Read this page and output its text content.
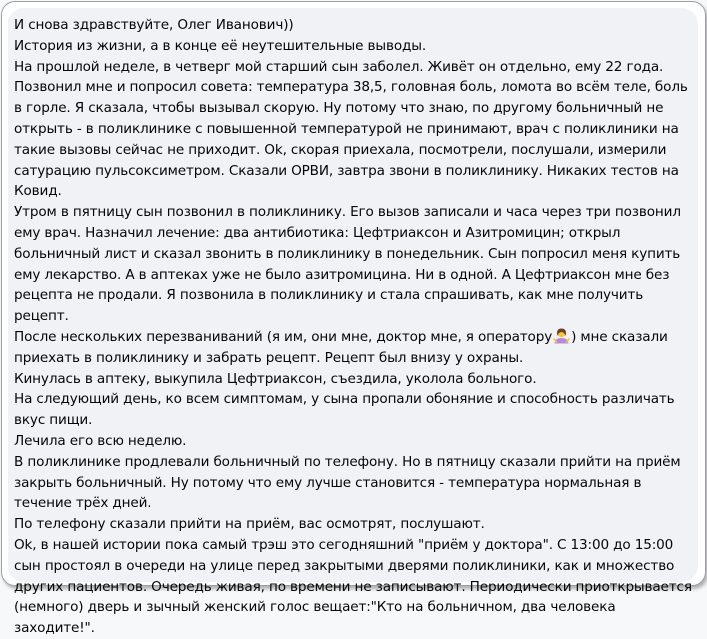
И снова здравствуйте, Олег Иванович))

История из жизни, а в конце её неутешительные выводы.

На прошлой неделе, в четверг мой старший сын заболел. Живёт он отдельно, ему 22 года. Позвонил мне и попросил совета: температура 38,5, головная боль, ломота во всём теле, боль в горле. Я сказала, чтобы вызывал скорую. Ну потому что знаю, по другому больничный не открыть - в поликлинике с повышенной температурой не принимают, врач с поликлиники на такие вызовы сейчас не приходит. Ok, скорая приехала, посмотрели, послушали, измерили сатурацию пульсоксиметром. Сказали ОРВИ, завтра звони в поликлинику. Никаких тестов на Ковид.

Утром в пятницу сын позвонил в поликлинику. Его вызов записали и часа через три позвонил ему врач. Назначил лечение: два антибиотика: Цефтриаксон и Азитромицин; открыл больничный лист и сказал звонить в поликлинику в понедельник. Сын попросил меня купить ему лекарство. А в аптеках уже не было азитромицина. Ни в одной. А Цефтриаксон мне без рецепта не продали. Я позвонила в поликлинику и стала спрашивать, как мне получить рецепт.

После нескольких перезваниваний (я им, они мне, доктор мне, я оператору ) мне сказали приехать в поликлинику и забрать рецепт. Рецепт был внизу у охраны.

Кинулась в аптеку, выкупила Цефтриаксон, съездила, уколола больного.

На следующий день, ко всем симптомам, у сына пропали обоняние и способность различать вкус пищи.

Лечила его всю неделю.

В поликлинике продлевали больничный по телефону. Но в пятницу сказали прийти на приём закрыть больничный. Ну потому что ему лучше становится - температура нормальная в течение трёх дней.

По телефону сказали прийти на приём, вас осмотрят, послушают.

Ok, в нашей истории пока самый трэш это сегодняшний "приём у доктора". С 13:00 до 15:00 сын простоял в очереди на улице перед закрытыми дверями поликлиники, как и множество других пациентов. Очередь живая, по времени не записывают. Периодически приоткрывается (немного) дверь и зычный женский голос вещает:"Кто на больничном, два человека заходите!".
